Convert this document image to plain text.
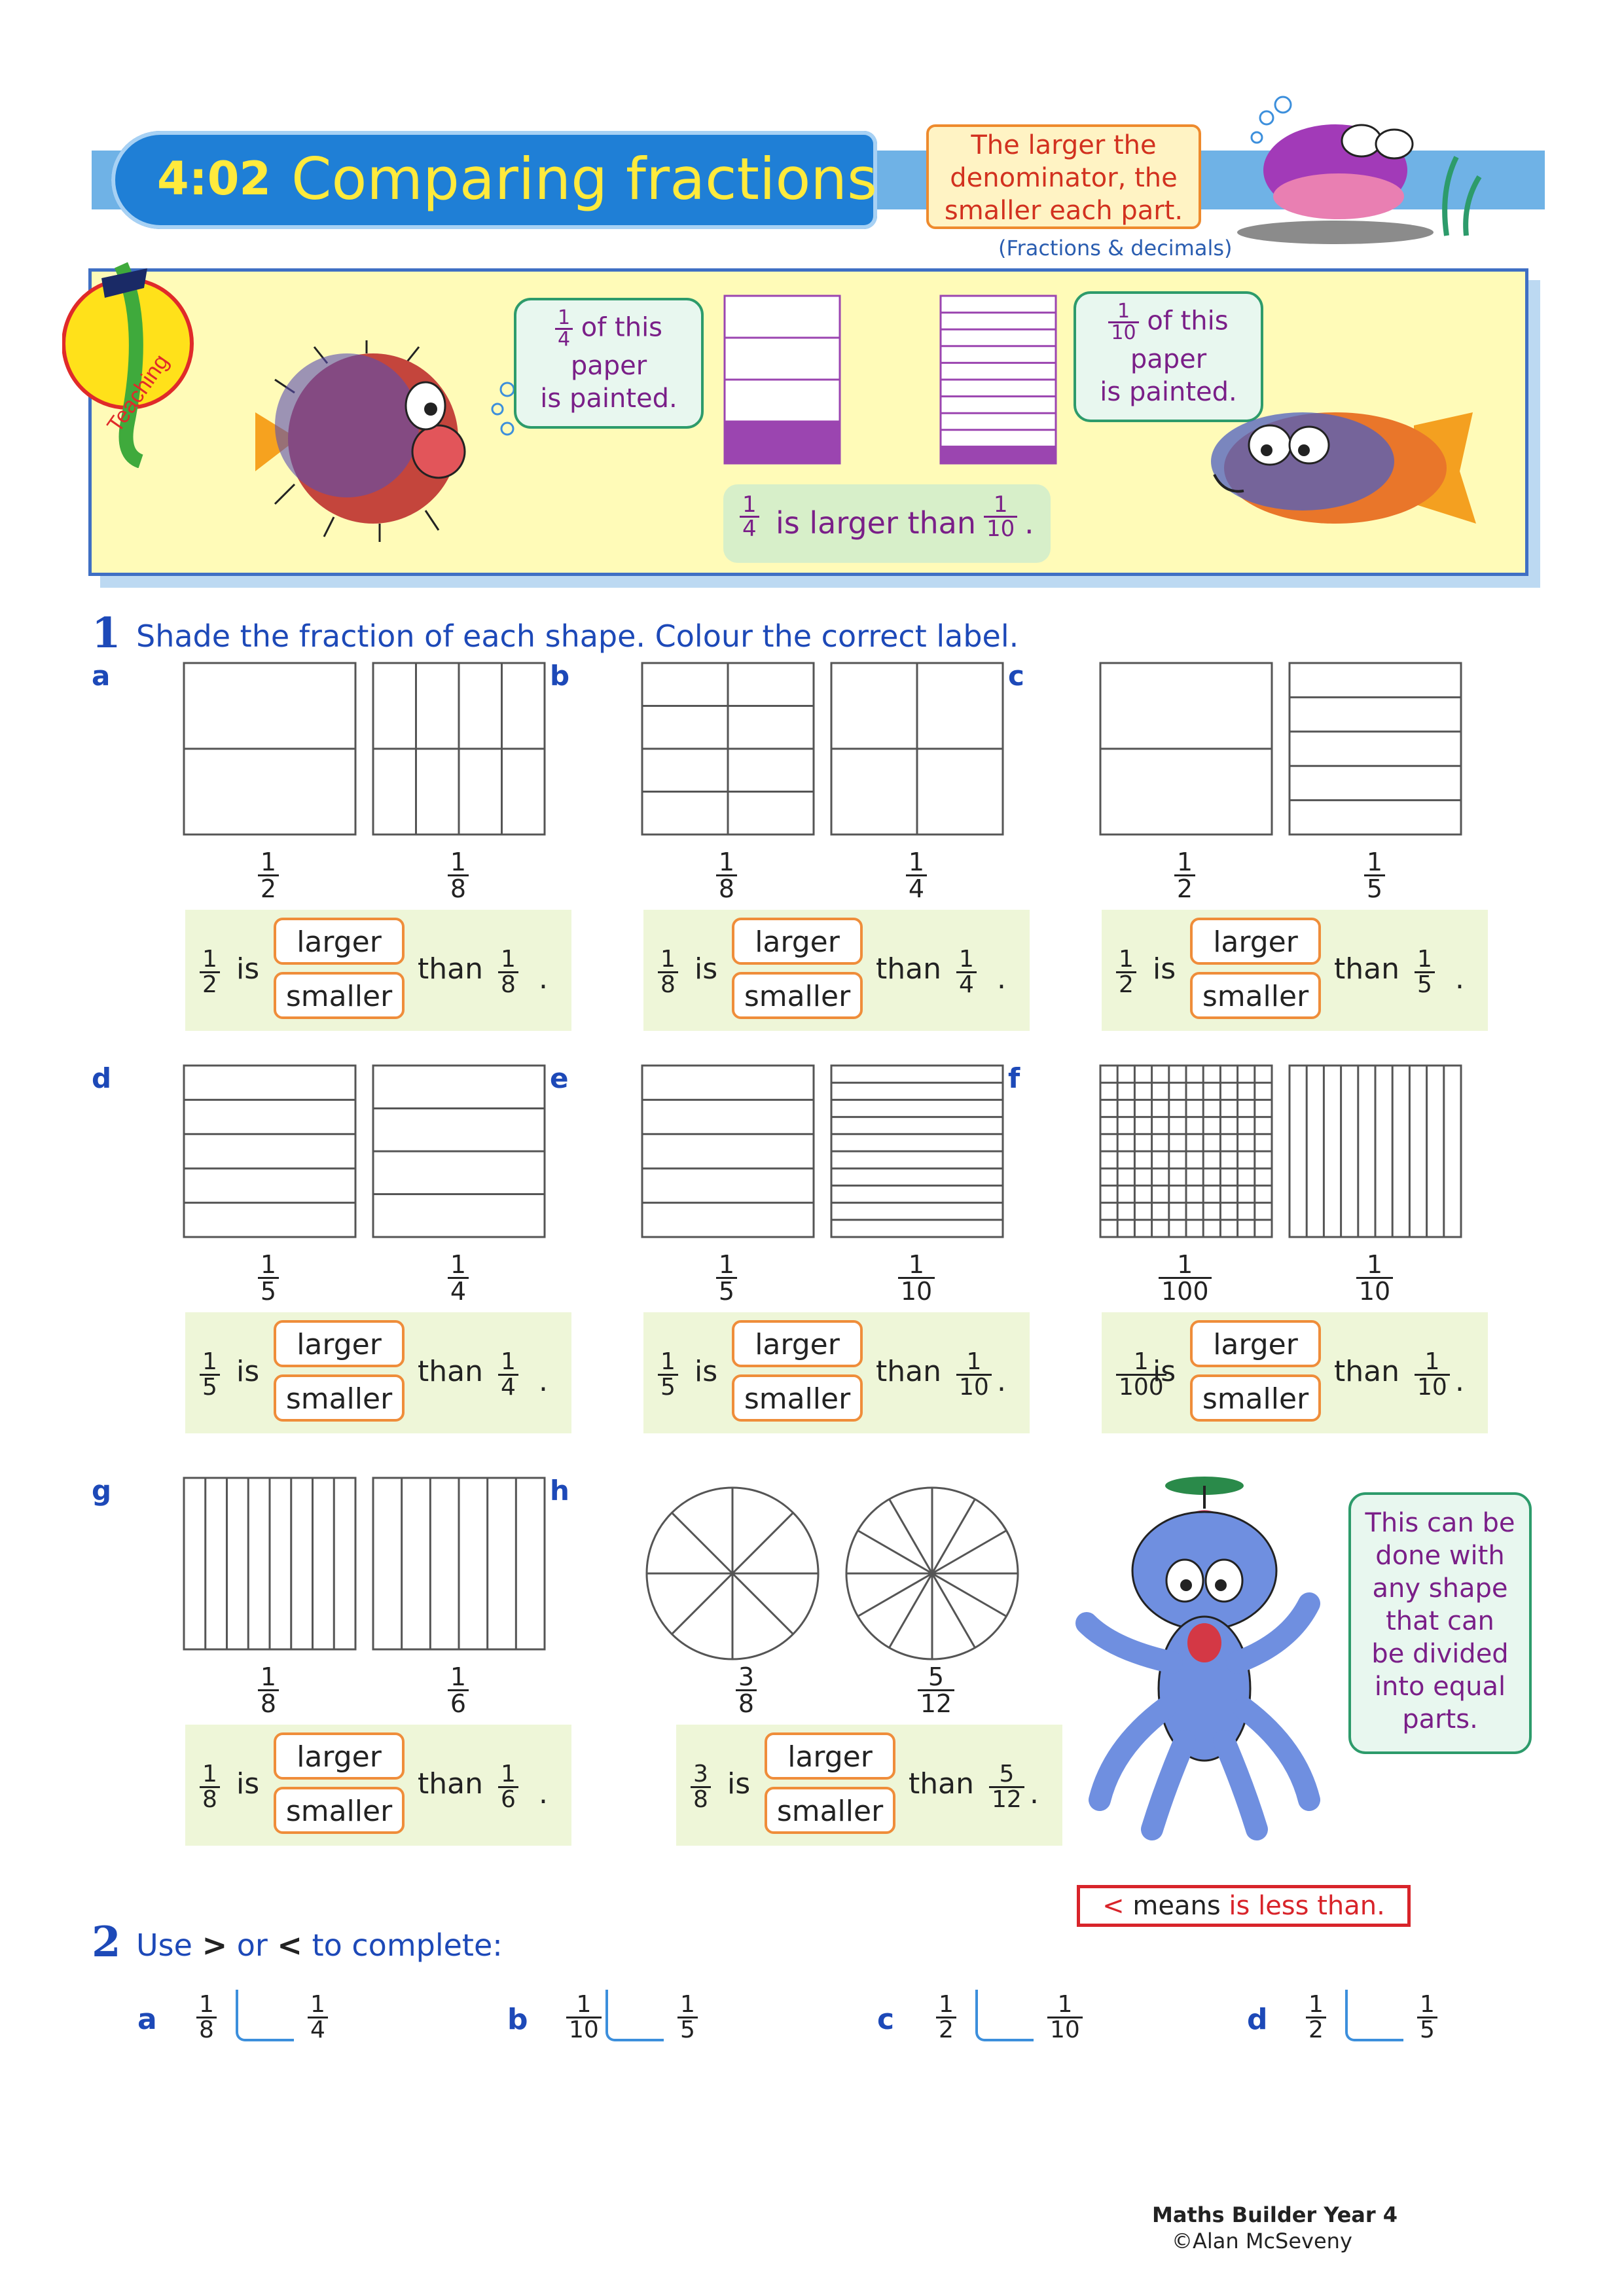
4:02 Comparing fractions	The larger the
denominator, the
smaller each part.
(Fractions & decimals)
Teaching
$\frac{1}{4}$ of this
paper
is painted.
$\frac{1}{10}$ of this
paper
is painted.
$\frac{1}{4}$ is larger than $\frac{1}{10}$ .
1 Shade the fraction of each shape. Colour the correct label.
a
$\frac{1}{2}$	$\frac{1}{8}$
$\frac{1}{2}$ is
larger
smaller
than $\frac{1}{8}$ .
b
$\frac{1}{8}$	$\frac{1}{4}$
$\frac{1}{8}$ is
larger
smaller
than $\frac{1}{4}$ .
c
$\frac{1}{2}$	$\frac{1}{5}$
$\frac{1}{2}$ is
larger
smaller
than $\frac{1}{5}$ .
d
$\frac{1}{5}$	$\frac{1}{4}$
$\frac{1}{5}$ is
larger
smaller
than $\frac{1}{4}$ .
e
$\frac{1}{5}$	$\frac{1}{10}$
$\frac{1}{5}$ is
larger
smaller
than $\frac{1}{10}$ .
f
$\frac{1}{100}$	$\frac{1}{10}$
$\frac{1}{100}$
is
larger
smaller
than $\frac{1}{10}$ .
g
$\frac{1}{8}$	$\frac{1}{6}$
$\frac{1}{8}$ is
larger
smaller
than $\frac{1}{6}$ .
h
$\frac{3}{8}$	$\frac{5}{12}$
$\frac{3}{8}$ is
larger
smaller
than $\frac{5}{12}$ .
This can be
done with
any shape
that can
be divided
into equal
parts.
< means is less than.
2 Use > or < to complete:
a $\frac{1}{8}$	$\frac{1}{4}$	b $\frac{1}{10}$	$\frac{1}{5}$	c $\frac{1}{2}$	$\frac{1}{10}$	d $\frac{1}{2}$	$\frac{1}{5}$
Maths Builder Year 4
©Alan McSeveny
